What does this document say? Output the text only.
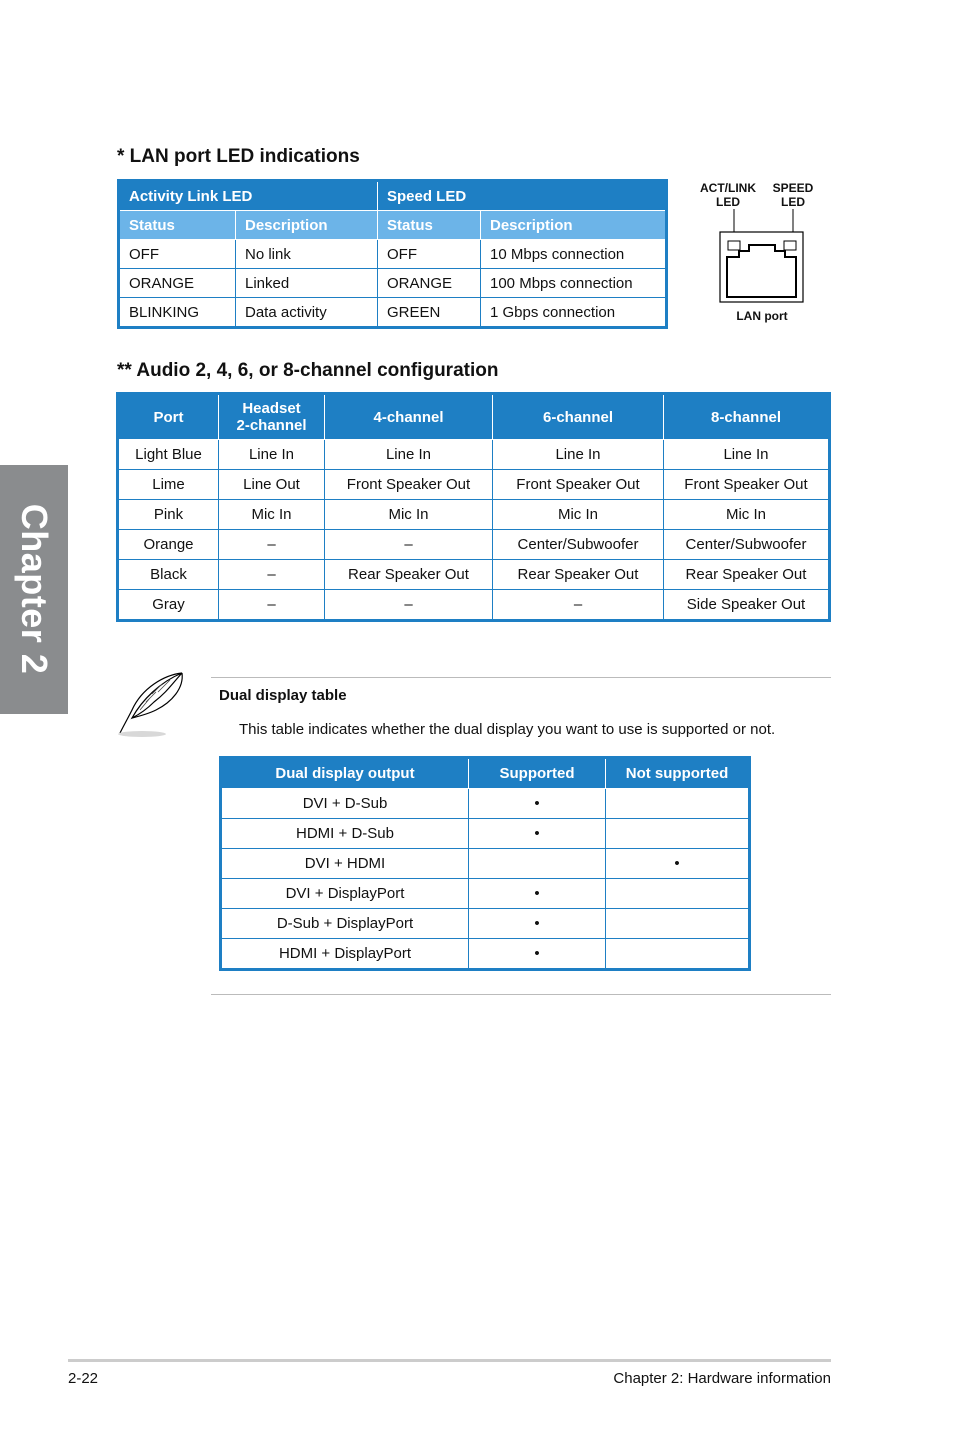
Chapter 2
* LAN port LED indications
Activity Link LED		Speed LED	
Status	Description	Status	Description
OFF	No link	OFF	10 Mbps connection
ORANGE	Linked	ORANGE	100 Mbps connection
BLINKING	Data activity	GREEN	1 Gbps connection
ACT/LINK
LED
SPEED
LED
LAN port
** Audio 2, 4, 6, or 8-channel configuration
Port	Headset
2-channel	4-channel	6-channel	8-channel
Light Blue	Line In	Line In	Line In	Line In
Lime	Line Out	Front Speaker Out	Front Speaker Out	Front Speaker Out
Pink	Mic In	Mic In	Mic In	Mic In
Orange	–	–	Center/Subwoofer	Center/Subwoofer
Black	–	Rear Speaker Out	Rear Speaker Out	Rear Speaker Out
Gray	–	–	–	Side Speaker Out
Dual display table
This table indicates whether the dual display you want to use is supported or not.
Dual display output	Supported	Not supported
DVI + D-Sub	•	
HDMI + D-Sub	•	
DVI + HDMI		•
DVI + DisplayPort	•	
D-Sub + DisplayPort	•	
HDMI + DisplayPort	•	
2-22	Chapter 2: Hardware information
